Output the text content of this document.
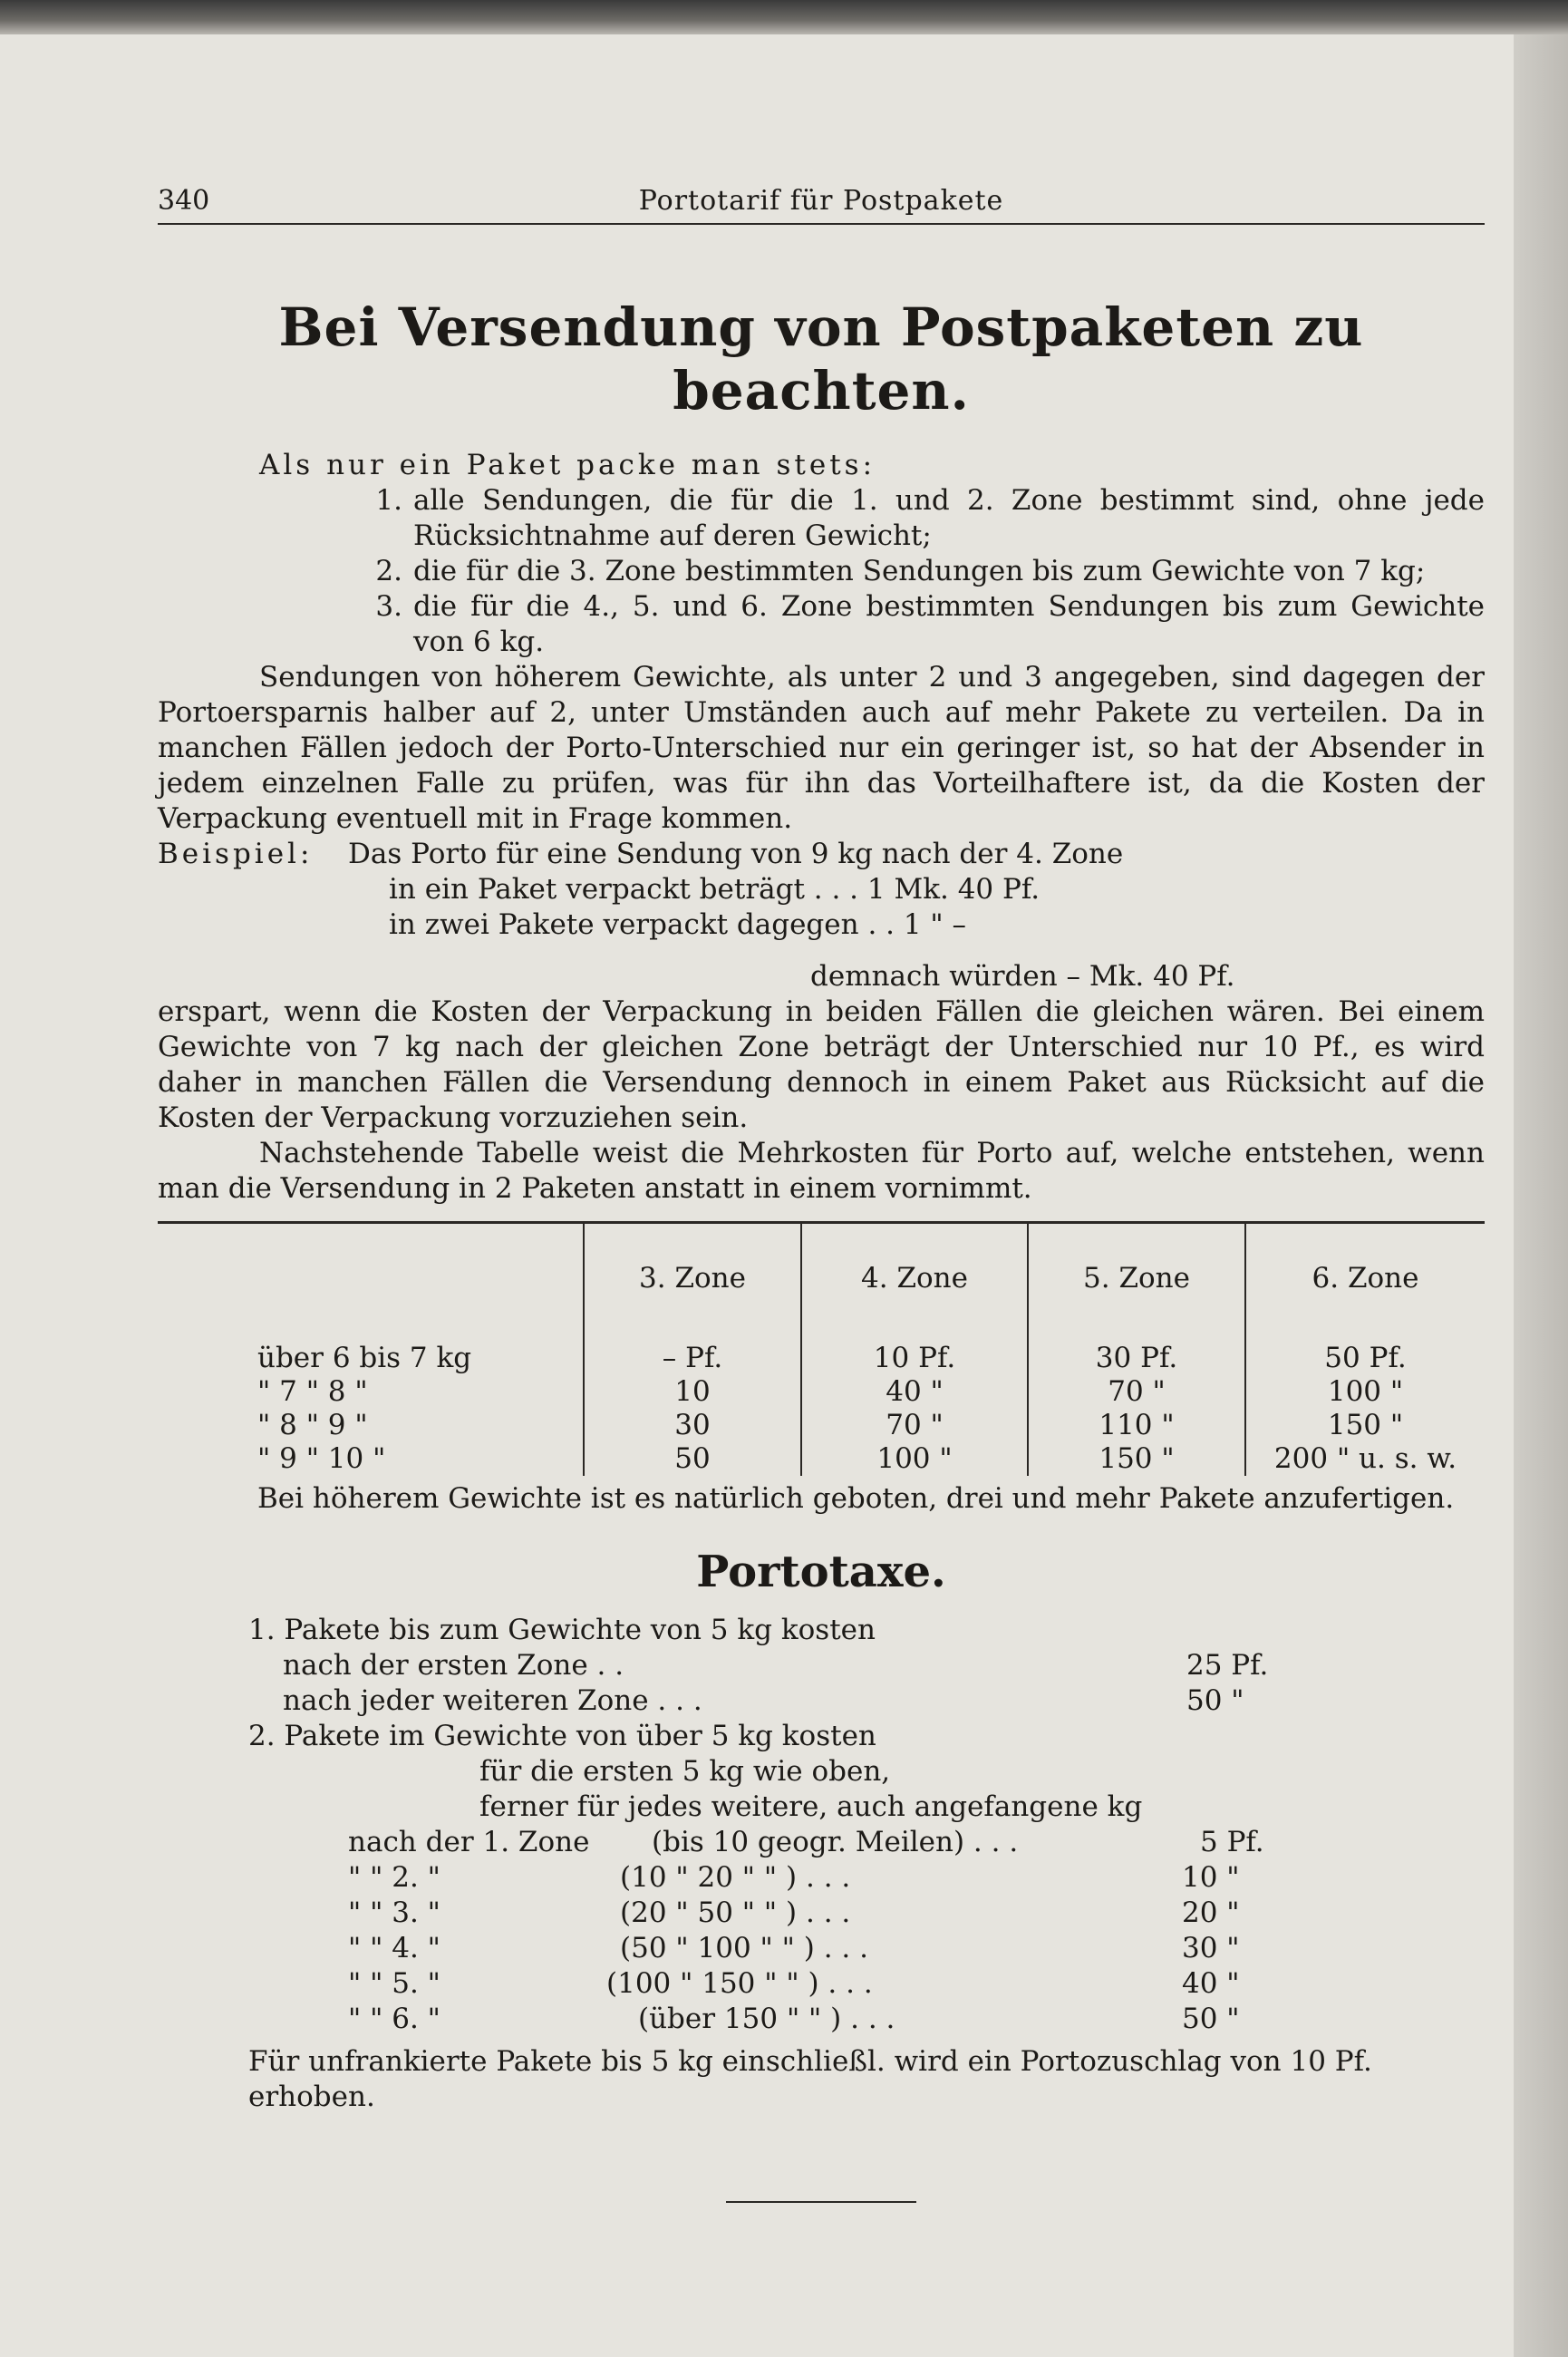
340	Portotarif für Postpakete
Bei Versendung von Postpaketen zu beachten.

Als nur ein Paket packe man stets:

1. alle Sendungen, die für die 1. und 2. Zone bestimmt sind, ohne jede Rücksichtnahme auf deren Gewicht;
2. die für die 3. Zone bestimmten Sendungen bis zum Gewichte von 7 kg;
3. die für die 4., 5. und 6. Zone bestimmten Sendungen bis zum Gewichte von 6 kg.

Sendungen von höherem Gewichte, als unter 2 und 3 angegeben, sind dagegen der

Portoersparnis halber auf 2, unter Umständen auch auf mehr Pakete zu verteilen. Da in

manchen Fällen jedoch der Porto-Unterschied nur ein geringer ist, so hat der Absender in

jedem einzelnen Falle zu prüfen, was für ihn das Vorteilhaftere ist, da die Kosten der

Verpackung eventuell mit in Frage kommen.

Beispiel: Das Porto für eine Sendung von 9 kg nach der 4. Zone
in ein Paket verpackt beträgt . . . 1 Mk. 40 Pf.
in zwei Pakete verpackt dagegen . . 1 " –
demnach würden – Mk. 40 Pf.

erspart, wenn die Kosten der Verpackung in beiden Fällen die gleichen wären. Bei einem

Gewichte von 7 kg nach der gleichen Zone beträgt der Unterschied nur 10 Pf., es wird

daher in manchen Fällen die Versendung dennoch in einem Paket aus Rücksicht auf die

Kosten der Verpackung vorzuziehen sein.

Nachstehende Tabelle weist die Mehrkosten für Porto auf, welche entstehen, wenn

man die Versendung in 2 Paketen anstatt in einem vornimmt.

	3. Zone	4. Zone	5. Zone	6. Zone
über 6 bis 7 kg	– Pf.	10 Pf.	30 Pf.	50 Pf.
" 7 " 8 "	10	40 "	70 "	100 "
" 8 " 9 "	30	70 "	110 "	150 "
" 9 " 10 "	50	100 "	150 "	200 " u. s. w.

Bei höherem Gewichte ist es natürlich geboten, drei und mehr Pakete anzufertigen.

Portotaxe.

1. Pakete bis zum Gewichte von 5 kg kosten

nach der ersten Zone . .	25 Pf.
nach jeder weiteren Zone . . .	50 "

2. Pakete im Gewichte von über 5 kg kosten

für die ersten 5 kg wie oben,

ferner für jedes weitere, auch angefangene kg

nach der 1. Zone (bis 10 geogr. Meilen) . . .	5 Pf.
" " 2. "	(10 " 20 " " ) . . .	10 "
" " 3. "	(20 " 50 " " ) . . .	20 "
" " 4. "	(50 " 100 " " ) . . .	30 "
" " 5. "	(100 " 150 " " ) . . .	40 "
" " 6. "	(über 150 " " ) . . .	50 "

Für unfrankierte Pakete bis 5 kg einschließl. wird ein Portozuschlag von 10 Pf. erhoben.
